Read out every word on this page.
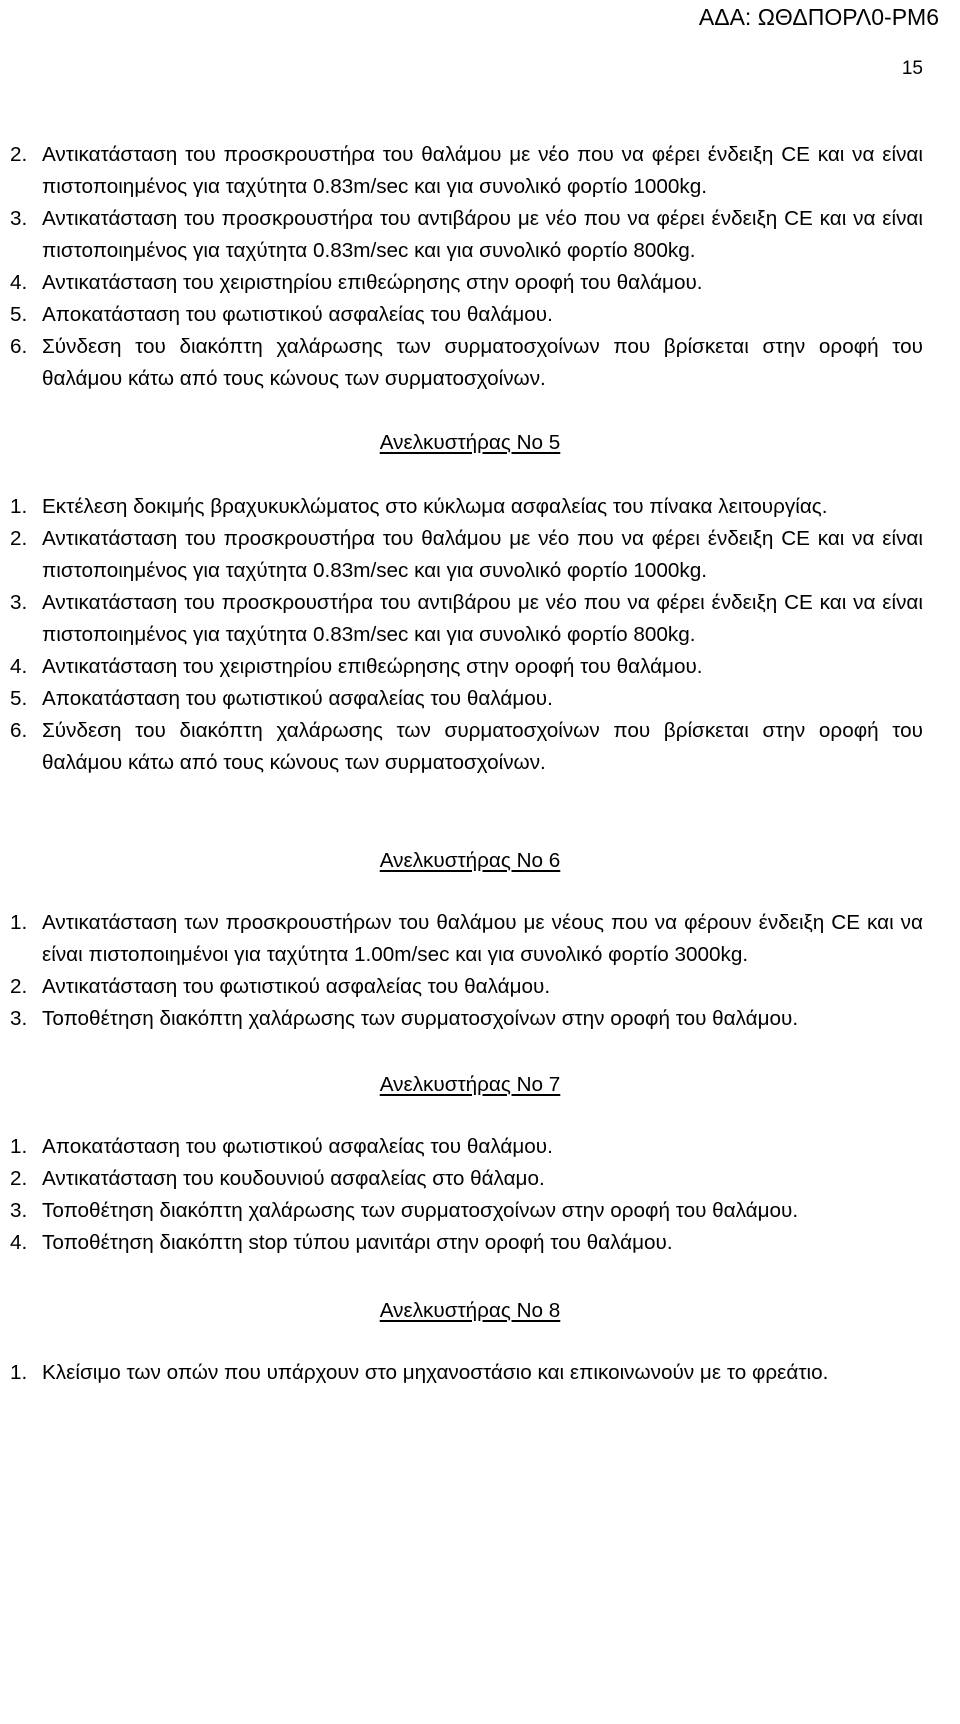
ΑΔΑ: ΩΘΔΠΟΡΛ0-ΡΜ6
15
2. Αντικατάσταση του προσκρουστήρα του θαλάμου με νέο που να φέρει ένδειξη CE και να είναι πιστοποιημένος για ταχύτητα 0.83m/sec και για συνολικό φορτίο 1000kg.
3. Αντικατάσταση του προσκρουστήρα του αντιβάρου με νέο που να φέρει ένδειξη CE και να είναι πιστοποιημένος για ταχύτητα 0.83m/sec και για συνολικό φορτίο 800kg.
4. Αντικατάσταση του χειριστηρίου επιθεώρησης στην οροφή του θαλάμου.
5. Αποκατάσταση του φωτιστικού ασφαλείας του θαλάμου.
6. Σύνδεση του διακόπτη χαλάρωσης των συρματοσχοίνων που βρίσκεται στην οροφή του θαλάμου κάτω από τους κώνους των συρματοσχοίνων.
Ανελκυστήρας Νο 5
1. Εκτέλεση δοκιμής βραχυκυκλώματος στο κύκλωμα ασφαλείας του πίνακα λειτουργίας.
2. Αντικατάσταση του προσκρουστήρα του θαλάμου με νέο που να φέρει ένδειξη CE και να είναι πιστοποιημένος για ταχύτητα 0.83m/sec και για συνολικό φορτίο 1000kg.
3. Αντικατάσταση του προσκρουστήρα του αντιβάρου με νέο που να φέρει ένδειξη CE και να είναι πιστοποιημένος για ταχύτητα 0.83m/sec και για συνολικό φορτίο 800kg.
4. Αντικατάσταση του χειριστηρίου επιθεώρησης στην οροφή του θαλάμου.
5. Αποκατάσταση του φωτιστικού ασφαλείας του θαλάμου.
6. Σύνδεση του διακόπτη χαλάρωσης των συρματοσχοίνων που βρίσκεται στην οροφή του θαλάμου κάτω από τους κώνους των συρματοσχοίνων.
Ανελκυστήρας Νο 6
1. Αντικατάσταση των προσκρουστήρων του θαλάμου με νέους που να φέρουν ένδειξη CE και να είναι πιστοποιημένοι για ταχύτητα 1.00m/sec και για συνολικό φορτίο 3000kg.
2. Αντικατάσταση του φωτιστικού ασφαλείας του θαλάμου.
3. Τοποθέτηση διακόπτη χαλάρωσης των συρματοσχοίνων στην οροφή του θαλάμου.
Ανελκυστήρας Νο 7
1. Αποκατάσταση του φωτιστικού ασφαλείας του θαλάμου.
2. Αντικατάσταση του κουδουνιού ασφαλείας στο θάλαμο.
3. Τοποθέτηση διακόπτη χαλάρωσης των συρματοσχοίνων στην οροφή του θαλάμου.
4. Τοποθέτηση διακόπτη stop τύπου μανιτάρι στην οροφή του θαλάμου.
Ανελκυστήρας Νο 8
1. Κλείσιμο των οπών που υπάρχουν στο μηχανοστάσιο και επικοινωνούν με το φρεάτιο.
